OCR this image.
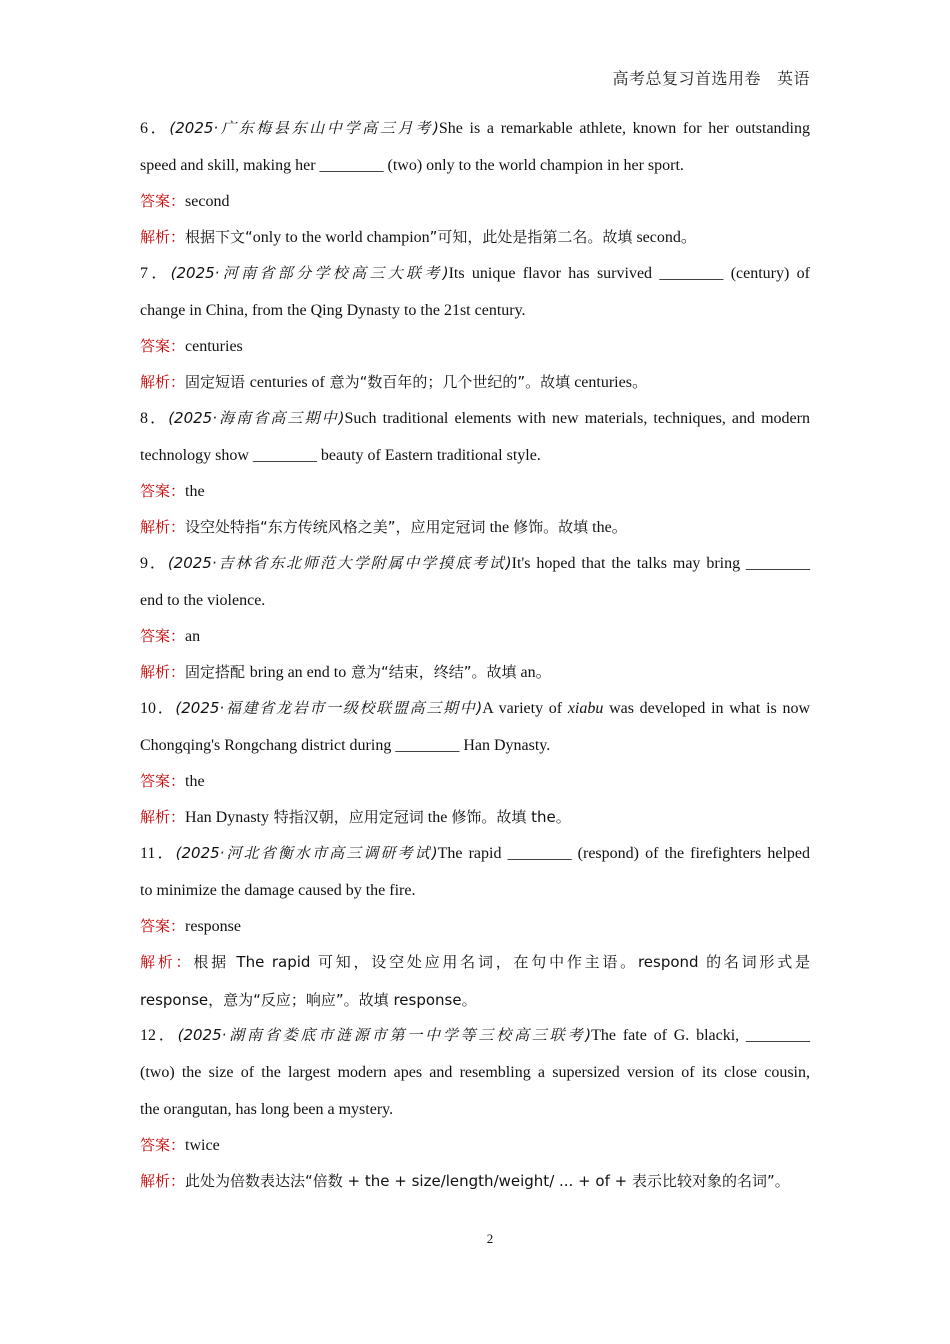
高考总复习首选用卷 英语
6．(2025·广东梅县东山中学高三月考)She is a remarkable athlete, known for her outstanding
speed and skill, making her ________ (two) only to the world champion in her sport.
答案：second
解析：根据下文“only to the world champion”可知，此处是指第二名。故填 second。
7．(2025·河南省部分学校高三大联考)Its unique flavor has survived ________ (century) of
change in China, from the Qing Dynasty to the 21st century.
答案：centuries
解析：固定短语 centuries of 意为“数百年的；几个世纪的”。故填 centuries。
8．(2025·海南省高三期中)Such traditional elements with new materials, techniques, and modern
technology show ________ beauty of Eastern traditional style.
答案：the
解析：设空处特指“东方传统风格之美”，应用定冠词 the 修饰。故填 the。
9．(2025·吉林省东北师范大学附属中学摸底考试)It's hoped that the talks may bring ________
end to the violence.
答案：an
解析：固定搭配 bring an end to 意为“结束，终结”。故填 an。
10．(2025·福建省龙岩市一级校联盟高三期中)A variety of xiabu was developed in what is now
Chongqing's Rongchang district during ________ Han Dynasty.
答案：the
解析：Han Dynasty 特指汉朝，应用定冠词 the 修饰。故填 the。
11．(2025·河北省衡水市高三调研考试)The rapid ________ (respond) of the firefighters helped
to minimize the damage caused by the fire.
答案：response
解析：根据 The rapid 可知，设空处应用名词，在句中作主语。respond 的名词形式是
response，意为“反应；响应”。故填 response。
12．(2025·湖南省娄底市涟源市第一中学等三校高三联考)The fate of G. blacki, ________
(two) the size of the largest modern apes and resembling a supersized version of its close cousin,
the orangutan, has long been a mystery.
答案：twice
解析：此处为倍数表达法“倍数 + the + size/length/weight/ ... + of + 表示比较对象的名词”。
2
